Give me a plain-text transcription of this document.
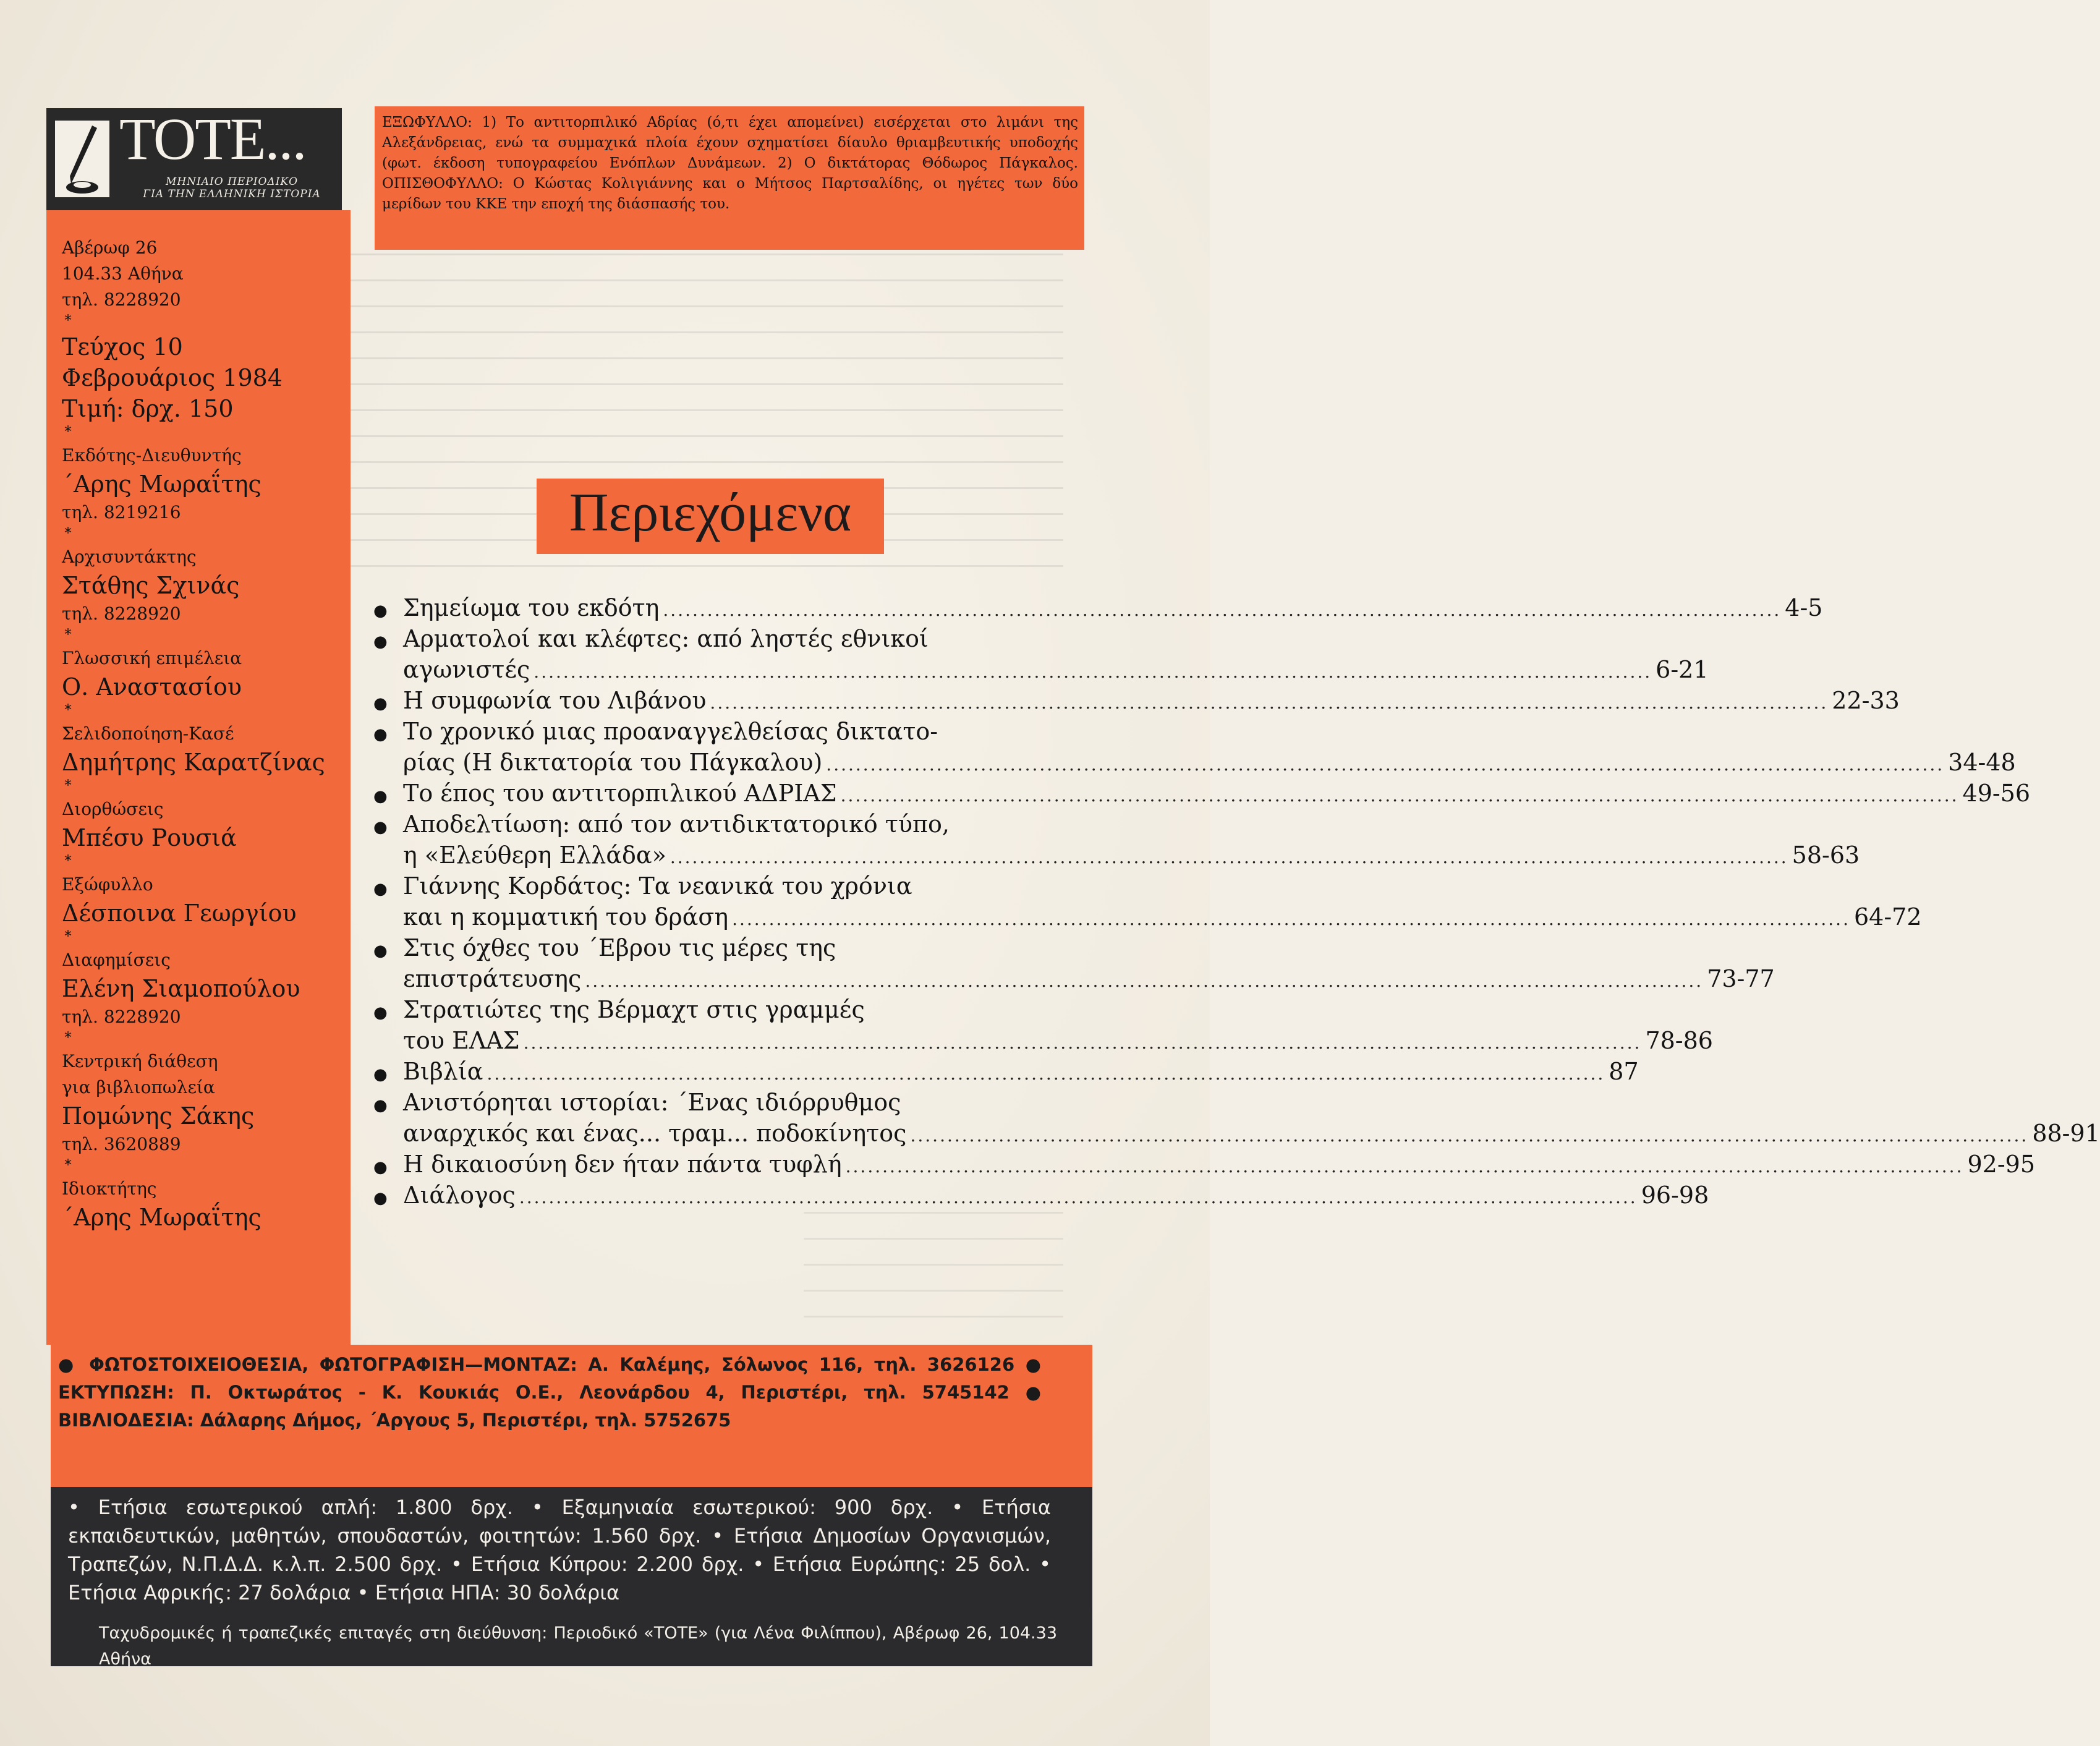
ΤΟΤΕ...
ΜΗΝΙΑΙΟ ΠΕΡΙΟΔΙΚΟ
ΓΙΑ ΤΗΝ ΕΛΛΗΝΙΚΗ ΙΣΤΟΡΙΑ
Αβέρωφ 26
104.33 Αθήνα
τηλ. 8228920
*
Τεύχος 10
Φεβρουάριος 1984
Τιμή: δρχ. 150
*
Εκδότης-Διευθυντής
΄Αρης Μωραΐτης
τηλ. 8219216
*
Αρχισυντάκτης
Στάθης Σχινάς
τηλ. 8228920
*
Γλωσσική επιμέλεια
Ο. Αναστασίου
*
Σελιδοποίηση-Κασέ
Δημήτρης Καρατζίνας
*
Διορθώσεις
Μπέσυ Ρουσιά
*
Εξώφυλλο
Δέσποινα Γεωργίου
*
Διαφημίσεις
Ελένη Σιαμοπούλου
τηλ. 8228920
*
Κεντρική διάθεση
για βιβλιοπωλεία
Πομώνης Σάκης
τηλ. 3620889
*
Ιδιοκτήτης
΄Αρης Μωραΐτης
ΕΞΩΦΥΛΛΟ: 1) Το αντιτορπιλικό Αδρίας (ό,τι έχει απομείνει) εισέρχεται στο λιμάνι της Αλεξάνδρειας, ενώ τα συμμαχικά πλοία έχουν σχηματίσει δίαυλο θριαμβευτικής υποδοχής (φωτ. έκδοση τυπογραφείου Ενόπλων Δυνάμεων. 2) Ο δικτάτορας Θόδωρος Πάγκαλος. ΟΠΙΣΘΟΦΥΛΛΟ: Ο Κώστας Κολιγιάννης και ο Μήτσος Παρτσαλίδης, οι ηγέτες των δύο μερίδων του ΚΚΕ την εποχή της διάσπασής του.
Περιεχόμενα
● Σημείωμα του εκδότη ........................................................................................................................................................ 4-5
● Αρματολοί και κλέφτες: από ληστές εθνικοί
αγωνιστές ........................................................................................................................................................ 6-21
● Η συμφωνία του Λιβάνου ........................................................................................................................................................ 22-33
● Το χρονικό μιας προαναγγελθείσας δικτατο-
ρίας (Η δικτατορία του Πάγκαλου) ........................................................................................................................................................ 34-48
● Το έπος του αντιτορπιλικού ΑΔΡΙΑΣ ........................................................................................................................................................ 49-56
● Αποδελτίωση: από τον αντιδικτατορικό τύπο,
η «Ελεύθερη Ελλάδα» ........................................................................................................................................................ 58-63
● Γιάννης Κορδάτος: Τα νεανικά του χρόνια
και η κομματική του δράση ........................................................................................................................................................ 64-72
● Στις όχθες του ΄Εβρου τις μέρες της
επιστράτευσης ........................................................................................................................................................ 73-77
● Στρατιώτες της Βέρμαχτ στις γραμμές
του ΕΛΑΣ ........................................................................................................................................................ 78-86
● Βιβλία ........................................................................................................................................................ 87
● Ανιστόρηται ιστορίαι: ΄Ενας ιδιόρρυθμος
αναρχικός και ένας... τραμ... ποδοκίνητος ........................................................................................................................................................ 88-91
● Η δικαιοσύνη δεν ήταν πάντα τυφλή ........................................................................................................................................................ 92-95
● Διάλογος ........................................................................................................................................................ 96-98
● ΦΩΤΟΣΤΟΙΧΕΙΟΘΕΣΙΑ, ΦΩΤΟΓΡΑΦΙΣΗ—ΜΟΝΤΑΖ: Α. Καλέμης, Σόλωνος 116, τηλ. 3626126 ● ΕΚΤΥΠΩΣΗ: Π. Οκτωράτος - Κ. Κουκιάς Ο.Ε., Λεονάρδου 4, Περιστέρι, τηλ. 5745142 ● ΒΙΒΛΙΟΔΕΣΙΑ: Δάλαρης Δήμος, ΄Αργους 5, Περιστέρι, τηλ. 5752675
• Ετήσια εσωτερικού απλή: 1.800 δρχ. • Εξαμηνιαία εσωτερικού: 900 δρχ. • Ετήσια εκπαιδευτικών, μαθητών, σπουδαστών, φοιτητών: 1.560 δρχ. • Ετήσια Δημοσίων Οργανισμών, Τραπεζών, Ν.Π.Δ.Δ. κ.λ.π. 2.500 δρχ. • Ετήσια Κύπρου: 2.200 δρχ. • Ετήσια Ευρώπης: 25 δολ. • Ετήσια Αφρικής: 27 δολάρια • Ετήσια ΗΠΑ: 30 δολάρια
Ταχυδρομικές ή τραπεζικές επιταγές στη διεύθυνση: Περιοδικό «ΤΟΤΕ» (για Λένα Φιλίππου), Αβέρωφ 26, 104.33 Αθήνα
